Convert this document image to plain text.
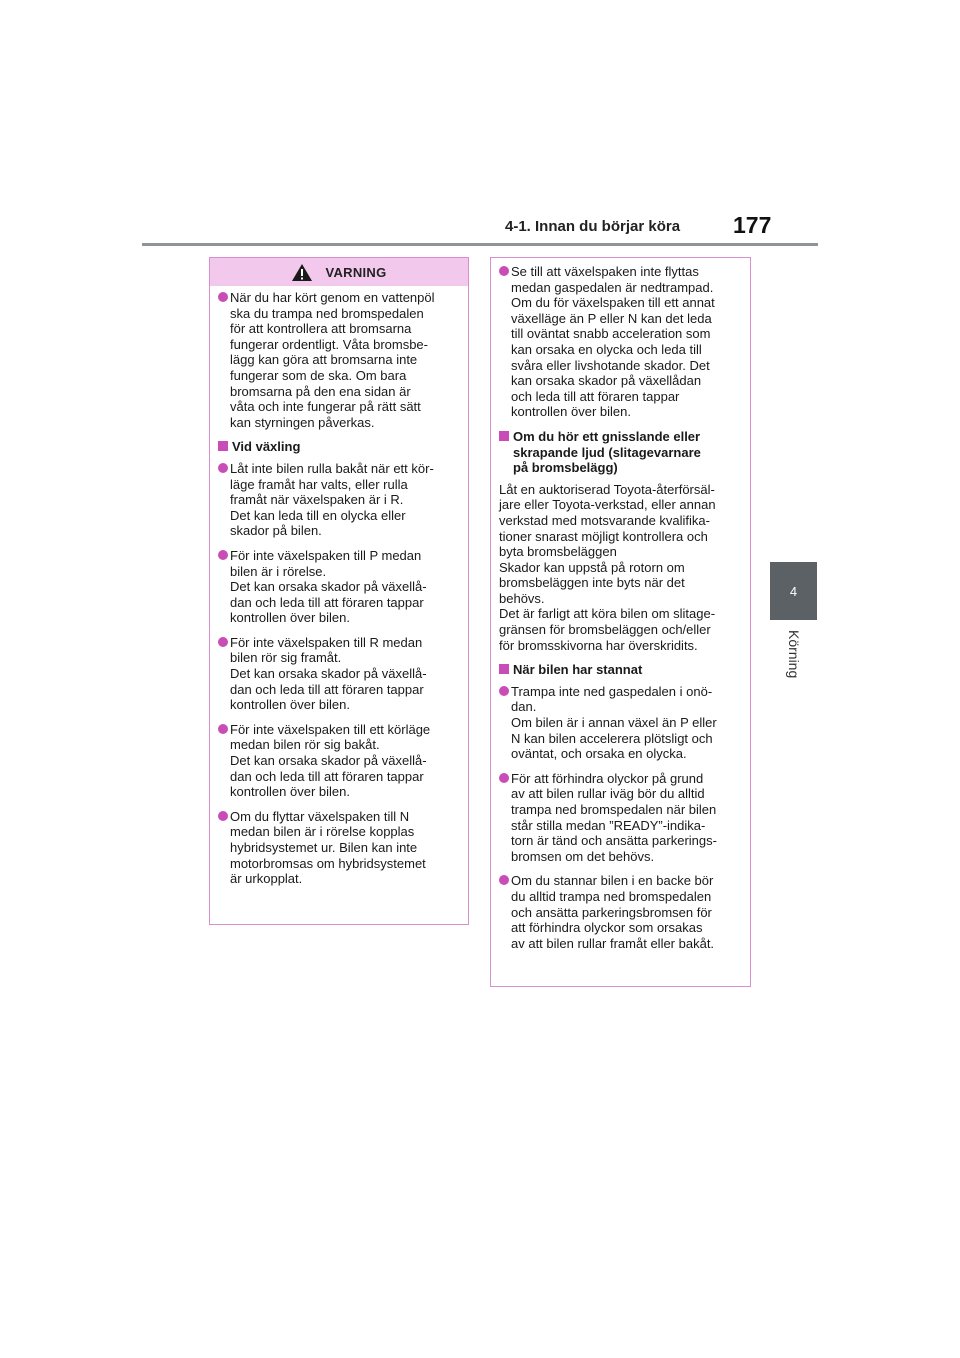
4-1. Innan du börjar köra 177
4
Körning
VARNING
När du har kört genom en vattenpöl
ska du trampa ned bromspedalen
för att kontrollera att bromsarna
fungerar ordentligt. Våta bromsbe-
lägg kan göra att bromsarna inte
fungerar som de ska. Om bara
bromsarna på den ena sidan är
våta och inte fungerar på rätt sätt
kan styrningen påverkas.
Vid växling
Låt inte bilen rulla bakåt när ett kör-
läge framåt har valts, eller rulla
framåt när växelspaken är i R.
Det kan leda till en olycka eller
skador på bilen.
För inte växelspaken till P medan
bilen är i rörelse.
Det kan orsaka skador på växellå-
dan och leda till att föraren tappar
kontrollen över bilen.
För inte växelspaken till R medan
bilen rör sig framåt.
Det kan orsaka skador på växellå-
dan och leda till att föraren tappar
kontrollen över bilen.
För inte växelspaken till ett körläge
medan bilen rör sig bakåt.
Det kan orsaka skador på växellå-
dan och leda till att föraren tappar
kontrollen över bilen.
Om du flyttar växelspaken till N
medan bilen är i rörelse kopplas
hybridsystemet ur. Bilen kan inte
motorbromsas om hybridsystemet
är urkopplat.
Se till att växelspaken inte flyttas
medan gaspedalen är nedtrampad.
Om du för växelspaken till ett annat
växelläge än P eller N kan det leda
till oväntat snabb acceleration som
kan orsaka en olycka och leda till
svåra eller livshotande skador. Det
kan orsaka skador på växellådan
och leda till att föraren tappar
kontrollen över bilen.
Om du hör ett gnisslande eller
skrapande ljud (slitagevarnare
på bromsbelägg)
Låt en auktoriserad Toyota-återförsäl-
jare eller Toyota-verkstad, eller annan
verkstad med motsvarande kvalifika-
tioner snarast möjligt kontrollera och
byta bromsbeläggen
Skador kan uppstå på rotorn om
bromsbeläggen inte byts när det
behövs.
Det är farligt att köra bilen om slitage-
gränsen för bromsbeläggen och/eller
för bromsskivorna har överskridits.
När bilen har stannat
Trampa inte ned gaspedalen i onö-
dan.
Om bilen är i annan växel än P eller
N kan bilen accelerera plötsligt och
oväntat, och orsaka en olycka.
För att förhindra olyckor på grund
av att bilen rullar iväg bör du alltid
trampa ned bromspedalen när bilen
står stilla medan ”READY”-indika-
torn är tänd och ansätta parkerings-
bromsen om det behövs.
Om du stannar bilen i en backe bör
du alltid trampa ned bromspedalen
och ansätta parkeringsbromsen för
att förhindra olyckor som orsakas
av att bilen rullar framåt eller bakåt.
